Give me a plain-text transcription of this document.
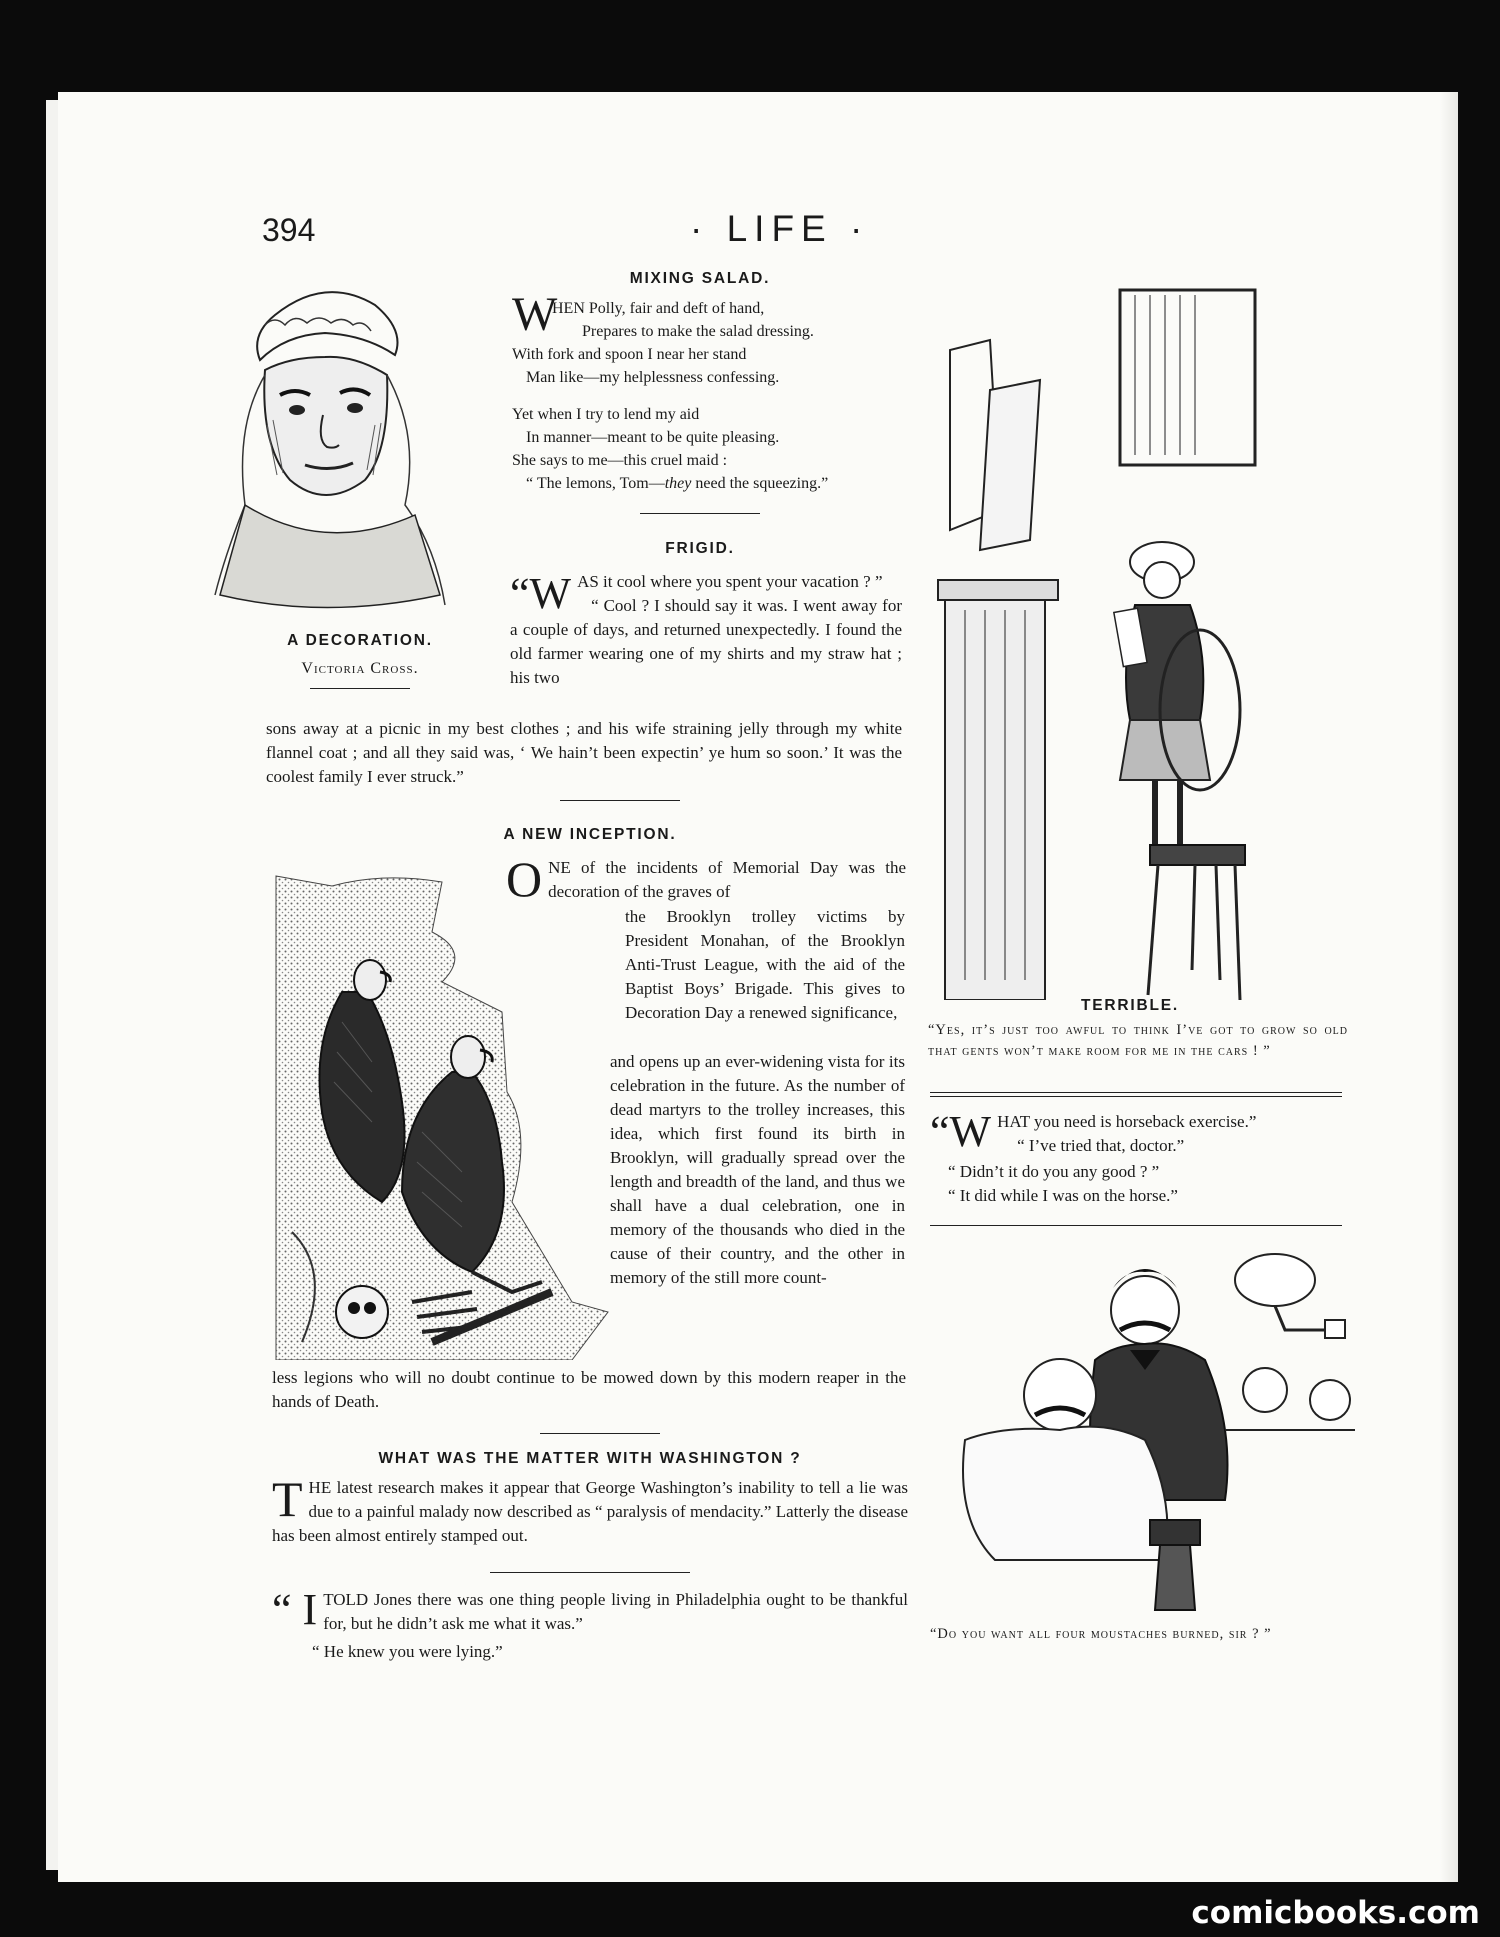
394	· LIFE ·
A DECORATION.
Victoria Cross.
MIXING SALAD.
W
HEN Polly, fair and deft of hand,
Prepares to make the salad dressing.
With fork and spoon I near her stand
Man like—my helplessness confessing.
Yet when I try to lend my aid
In manner—meant to be quite pleasing.
She says to me—this cruel maid :
“ The lemons, Tom—they need the squeezing.”
FRIGID.
“WAS it cool where you spent your vacation ? ”

“ Cool ? I should say it was. I went away for a couple of days, and returned unexpectedly. I found the old farmer wearing one of my shirts and my straw hat ; his two
sons away at a picnic in my best clothes ; and his wife straining jelly through my white flannel coat ; and all they said was, ‘ We hain’t been expectin’ ye hum so soon.’ It was the coolest family I ever struck.”
A NEW INCEPTION.
ONE of the incidents of Memorial Day was the decoration of the graves of
the Brooklyn trolley victims by President Monahan, of the Brooklyn Anti-Trust League, with the aid of the Baptist Boys’ Brigade. This gives to Decoration Day a renewed significance,
and opens up an ever-widening vista for its celebration in the future. As the number of dead martyrs to the trolley increases, this idea, which first found its birth in Brooklyn, will gradually spread over the length and breadth of the land, and thus we shall have a dual celebration, one in memory of the thousands who died in the cause of their country, and the other in memory of the still more count-
less legions who will no doubt continue to be mowed down by this modern reaper in the hands of Death.
WHAT WAS THE MATTER WITH WASHINGTON ?
THE latest research makes it appear that George Washington’s inability to tell a lie was due to a painful malady now described as “ paralysis of mendacity.” Latterly the disease has been almost entirely stamped out.
“ I TOLD Jones there was one thing people living in Philadelphia ought to be thankful for, but he didn’t ask me what it was.”
“ He knew you were lying.”
TERRIBLE.
“Yes, it’s just too awful to think I’ve got to grow so old that gents won’t make room for me in the cars ! ”
“WHAT you need is horseback exercise.”
“ I’ve tried that, doctor.”
“ Didn’t it do you any good ? ”
“ It did while I was on the horse.”
“Do you want all four moustaches burned, sir ? ”
comicbooks.com
